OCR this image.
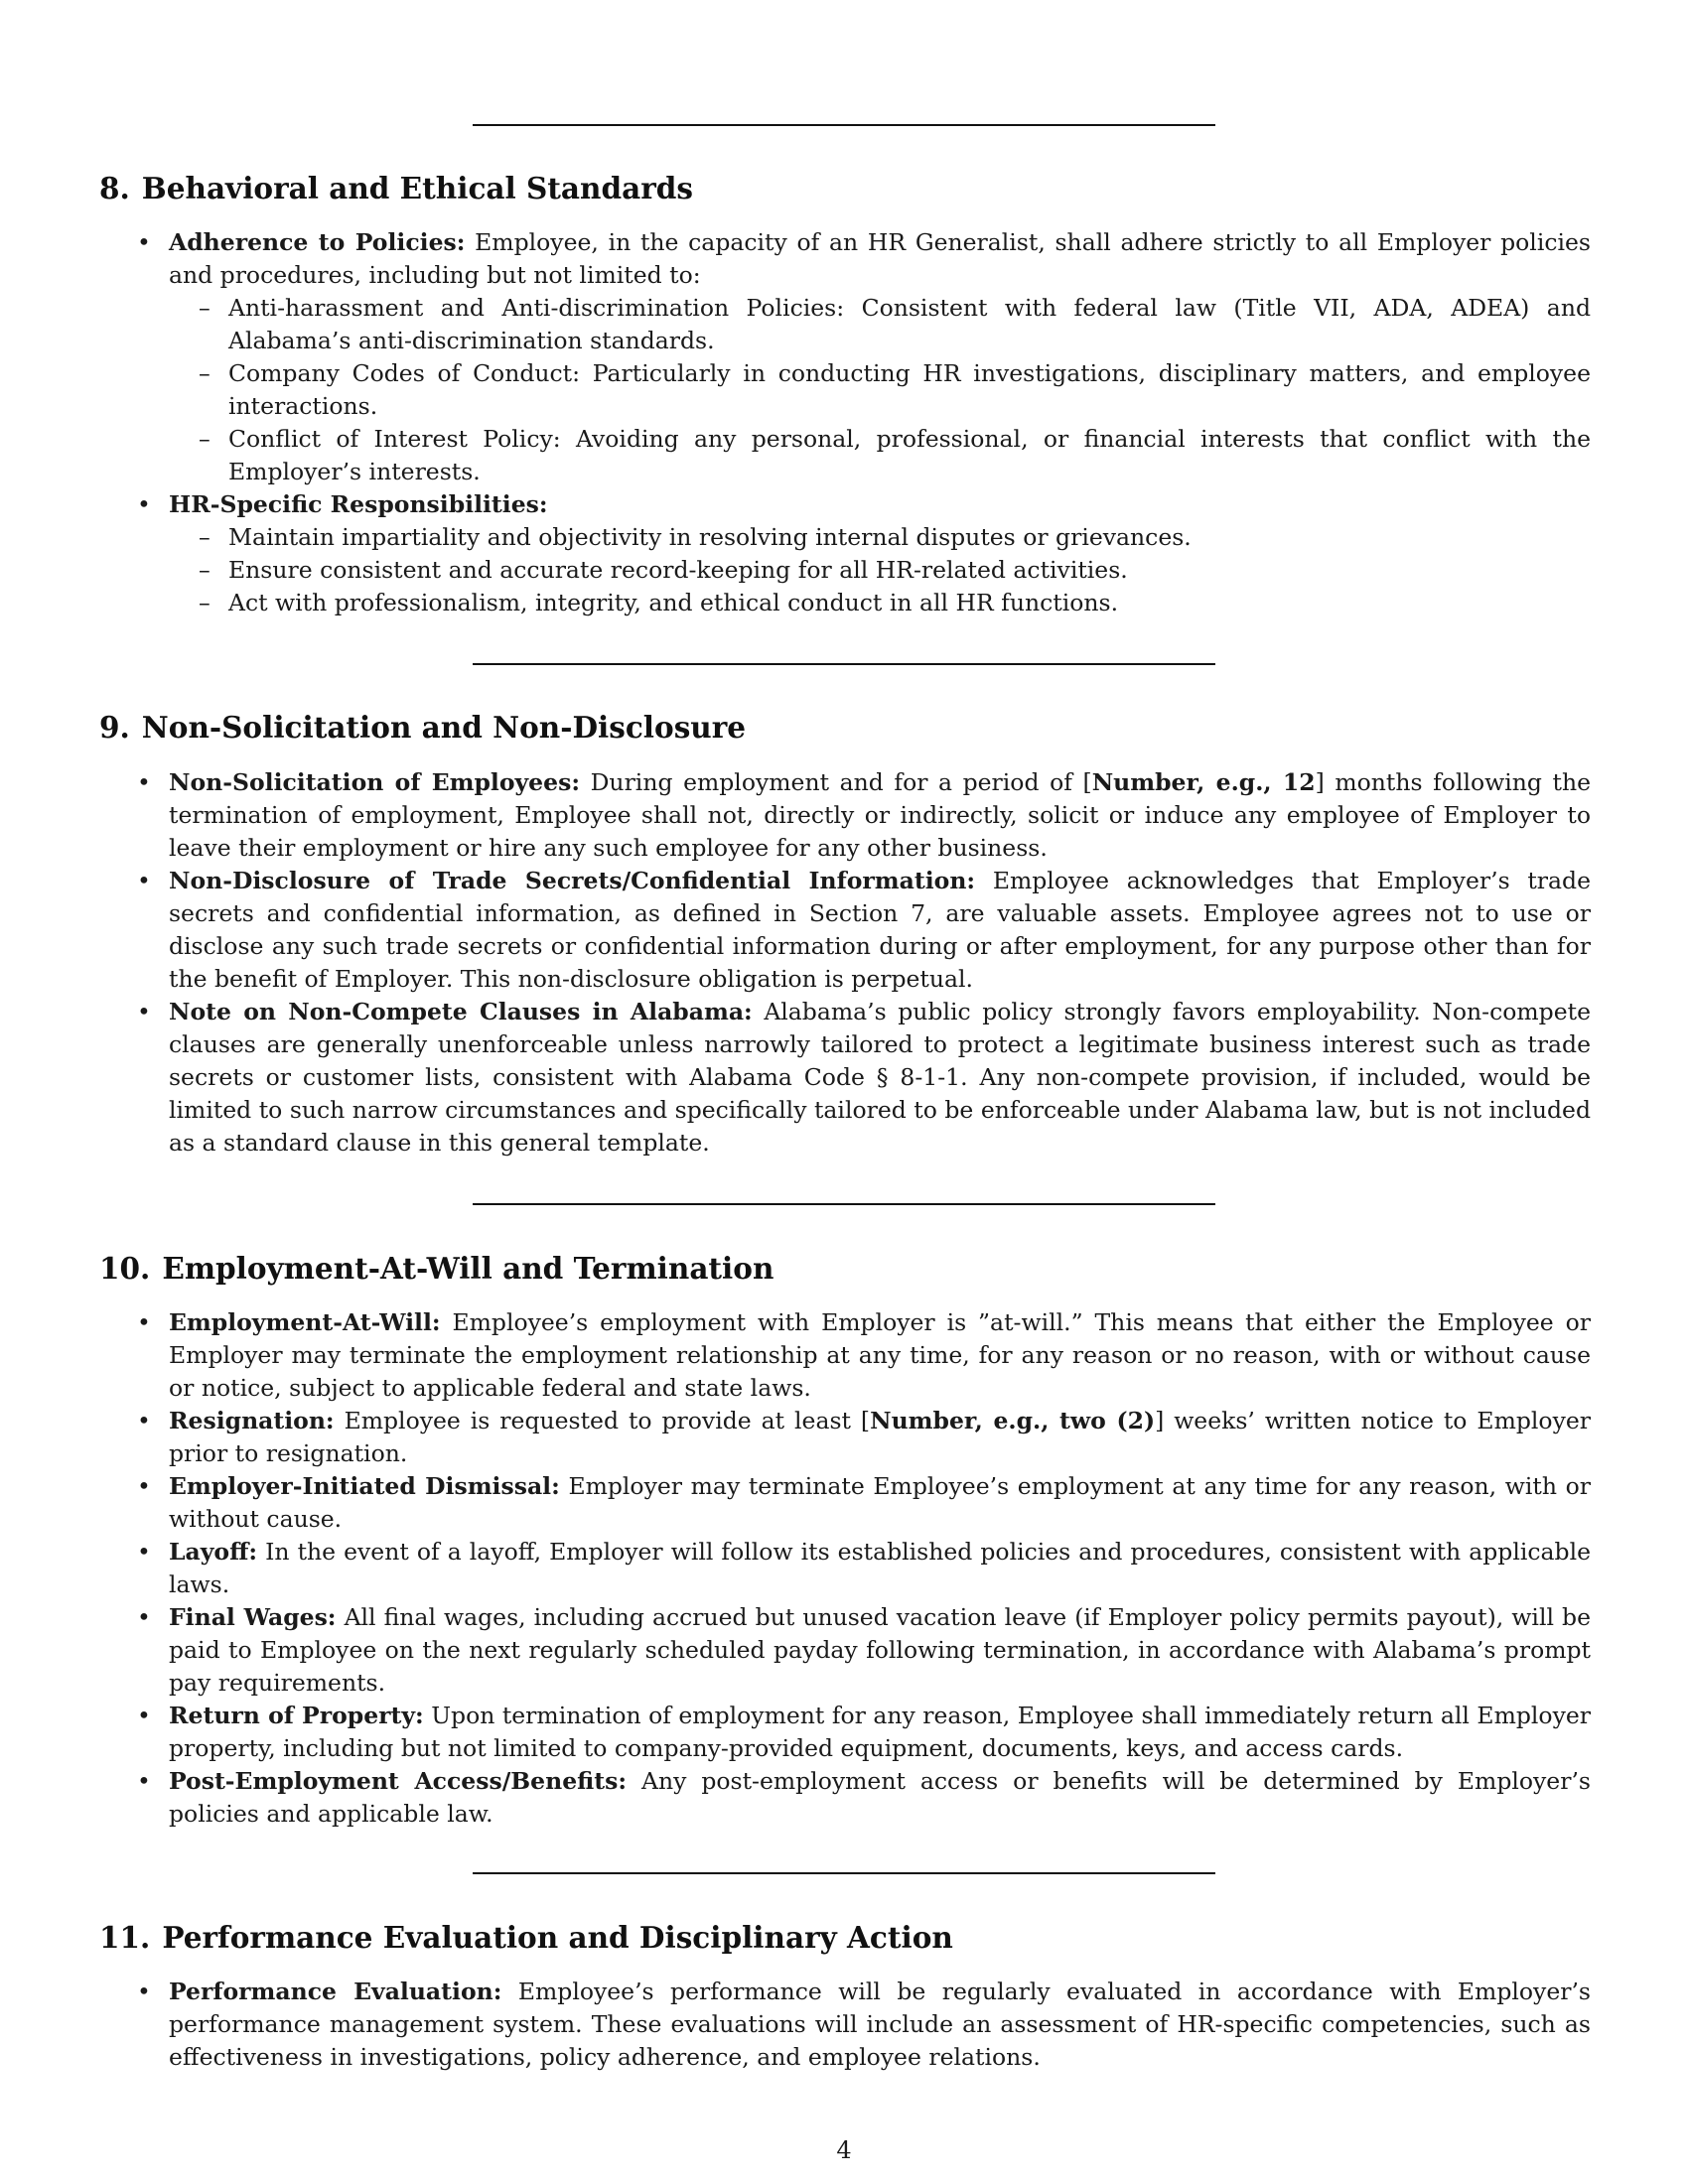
8. Behavioral and Ethical Standards
• Adherence to Policies: Employee, in the capacity of an HR Generalist, shall adhere strictly to all Employer policies and procedures, including but not limited to:
– Anti-harassment and Anti-discrimination Policies: Consistent with federal law (Title VII, ADA, ADEA) and Alabama’s anti-discrimination standards.
– Company Codes of Conduct: Particularly in conducting HR investigations, disciplinary matters, and employee interactions.
– Conflict of Interest Policy: Avoiding any personal, professional, or financial interests that conflict with the Employer’s interests.
• HR-Specific Responsibilities:
– Maintain impartiality and objectivity in resolving internal disputes or grievances.
– Ensure consistent and accurate record-keeping for all HR-related activities.
– Act with professionalism, integrity, and ethical conduct in all HR functions.
9. Non-Solicitation and Non-Disclosure
• Non-Solicitation of Employees: During employment and for a period of [Number, e.g., 12] months following the termination of employment, Employee shall not, directly or indirectly, solicit or induce any employee of Employer to leave their employment or hire any such employee for any other business.
• Non-Disclosure of Trade Secrets/Confidential Information: Employee acknowledges that Employer’s trade secrets and confidential information, as defined in Section 7, are valuable assets. Employee agrees not to use or disclose any such trade secrets or confidential information during or after employment, for any purpose other than for the benefit of Employer. This non-disclosure obligation is perpetual.
• Note on Non-Compete Clauses in Alabama: Alabama’s public policy strongly favors employability. Non-compete clauses are generally unenforceable unless narrowly tailored to protect a legitimate business interest such as trade secrets or customer lists, consistent with Alabama Code § 8-1-1. Any non-compete provision, if included, would be limited to such narrow circumstances and specifically tailored to be enforceable under Alabama law, but is not included as a standard clause in this general template.
10. Employment-At-Will and Termination
• Employment-At-Will: Employee’s employment with Employer is ”at-will.” This means that either the Employee or Employer may terminate the employment relationship at any time, for any reason or no reason, with or without cause or notice, subject to applicable federal and state laws.
• Resignation: Employee is requested to provide at least [Number, e.g., two (2)] weeks’ written notice to Employer prior to resignation.
• Employer-Initiated Dismissal: Employer may terminate Employee’s employment at any time for any reason, with or without cause.
• Layoff: In the event of a layoff, Employer will follow its established policies and procedures, consistent with applicable laws.
• Final Wages: All final wages, including accrued but unused vacation leave (if Employer policy permits payout), will be paid to Employee on the next regularly scheduled payday following termination, in accordance with Alabama’s prompt pay requirements.
• Return of Property: Upon termination of employment for any reason, Employee shall immediately return all Employer property, including but not limited to company-provided equipment, documents, keys, and access cards.
• Post-Employment Access/Benefits: Any post-employment access or benefits will be determined by Employer’s policies and applicable law.
11. Performance Evaluation and Disciplinary Action
• Performance Evaluation: Employee’s performance will be regularly evaluated in accordance with Employer’s performance management system. These evaluations will include an assessment of HR-specific competencies, such as effectiveness in investigations, policy adherence, and employee relations.
4
